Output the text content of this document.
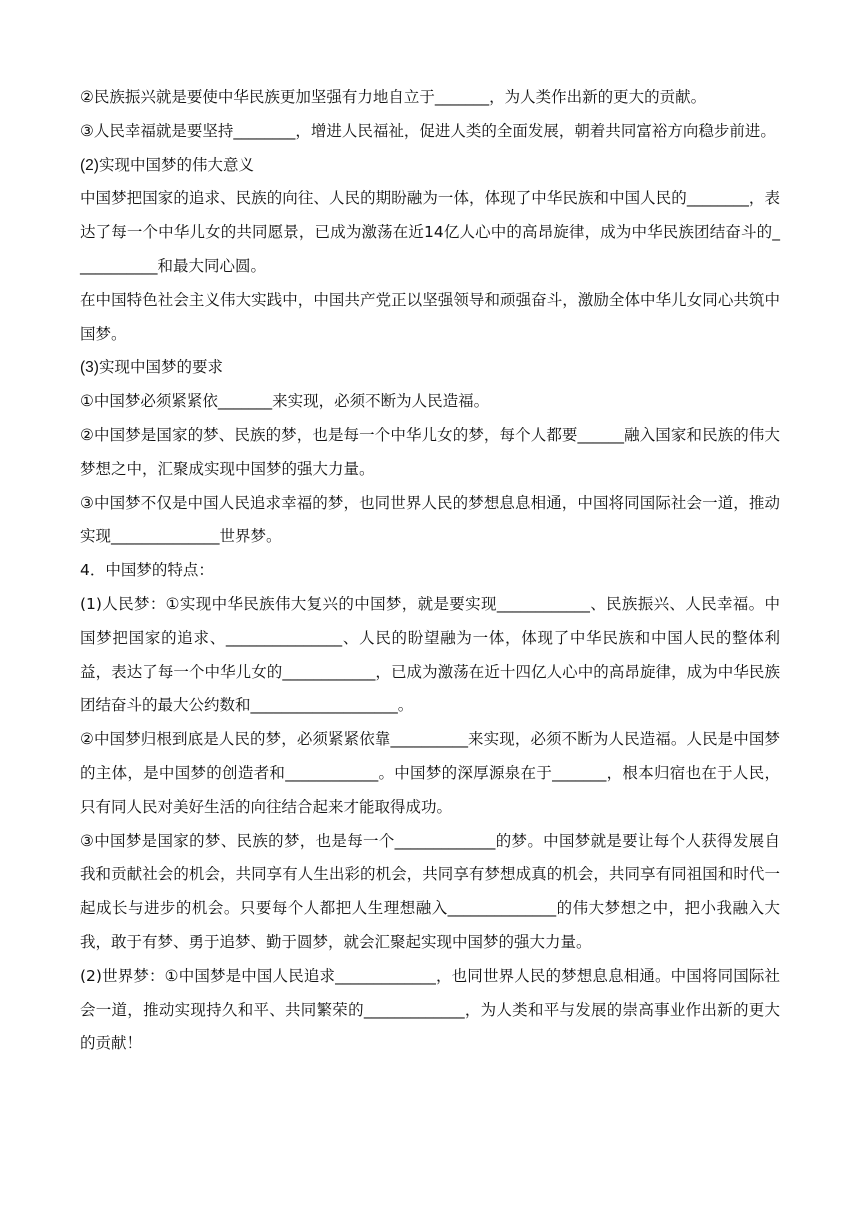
②民族振兴就是要使中华民族更加坚强有力地自立于_______，为人类作出新的更大的贡献。

③人民幸福就是要坚持________，增进人民福祉，促进人类的全面发展，朝着共同富裕方向稳步前进。

(2)实现中国梦的伟大意义

中国梦把国家的追求、民族的向往、人民的期盼融为一体，体现了中华民族和中国人民的________，表达了每一个中华儿女的共同愿景，已成为激荡在近14亿人心中的高昂旋律，成为中华民族团结奋斗的___________和最大同心圆。

在中国特色社会主义伟大实践中，中国共产党正以坚强领导和顽强奋斗，激励全体中华儿女同心共筑中国梦。

(3)实现中国梦的要求

①中国梦必须紧紧依_______来实现，必须不断为人民造福。

②中国梦是国家的梦、民族的梦，也是每一个中华儿女的梦，每个人都要______融入国家和民族的伟大梦想之中，汇聚成实现中国梦的强大力量。

③中国梦不仅是中国人民追求幸福的梦，也同世界人民的梦想息息相通，中国将同国际社会一道，推动实现______________世界梦。

4．中国梦的特点：

(1)人民梦：①实现中华民族伟大复兴的中国梦，就是要实现____________、民族振兴、人民幸福。中国梦把国家的追求、_______________、人民的盼望融为一体，体现了中华民族和中国人民的整体利益，表达了每一个中华儿女的____________，已成为激荡在近十四亿人心中的高昂旋律，成为中华民族团结奋斗的最大公约数和___________________。

②中国梦归根到底是人民的梦，必须紧紧依靠__________来实现，必须不断为人民造福。人民是中国梦的主体，是中国梦的创造者和____________。中国梦的深厚源泉在于_______，根本归宿也在于人民，只有同人民对美好生活的向往结合起来才能取得成功。

③中国梦是国家的梦、民族的梦，也是每一个_____________的梦。中国梦就是要让每个人获得发展自我和贡献社会的机会，共同享有人生出彩的机会，共同享有梦想成真的机会，共同享有同祖国和时代一起成长与进步的机会。只要每个人都把人生理想融入______________的伟大梦想之中，把小我融入大我，敢于有梦、勇于追梦、勤于圆梦，就会汇聚起实现中国梦的强大力量。

(2)世界梦：①中国梦是中国人民追求_____________，也同世界人民的梦想息息相通。中国将同国际社会一道，推动实现持久和平、共同繁荣的_____________，为人类和平与发展的崇高事业作出新的更大的贡献！
